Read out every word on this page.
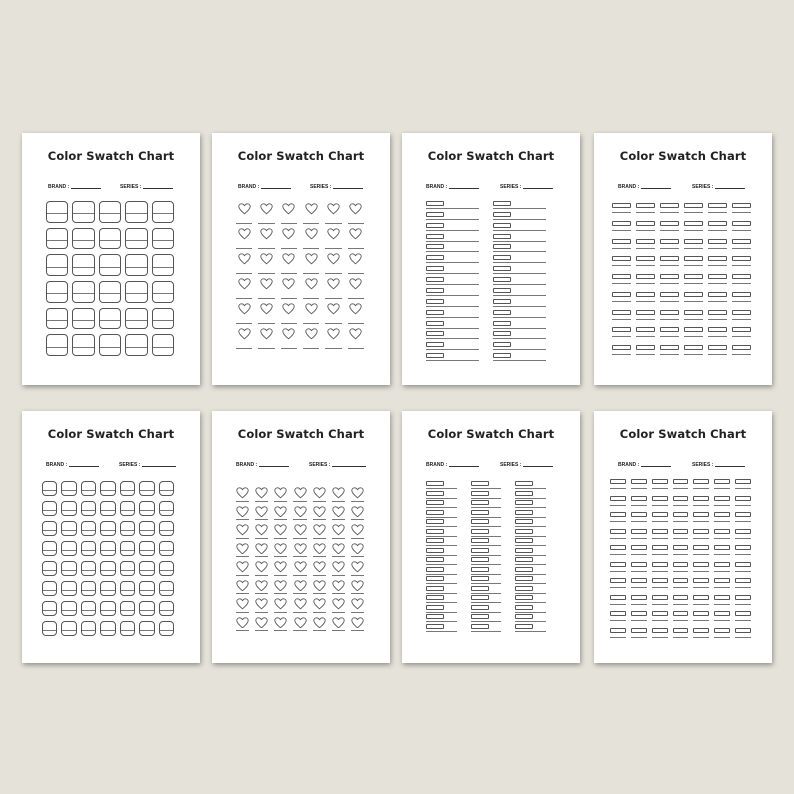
Color Swatch Chart
BRAND :	SERIES :
Color Swatch Chart
BRAND :	SERIES :
Color Swatch Chart
BRAND :	SERIES :
Color Swatch Chart
BRAND :	SERIES :
Color Swatch Chart
BRAND :	SERIES :
Color Swatch Chart
BRAND :	SERIES :
Color Swatch Chart
BRAND :	SERIES :
Color Swatch Chart
BRAND :	SERIES :
